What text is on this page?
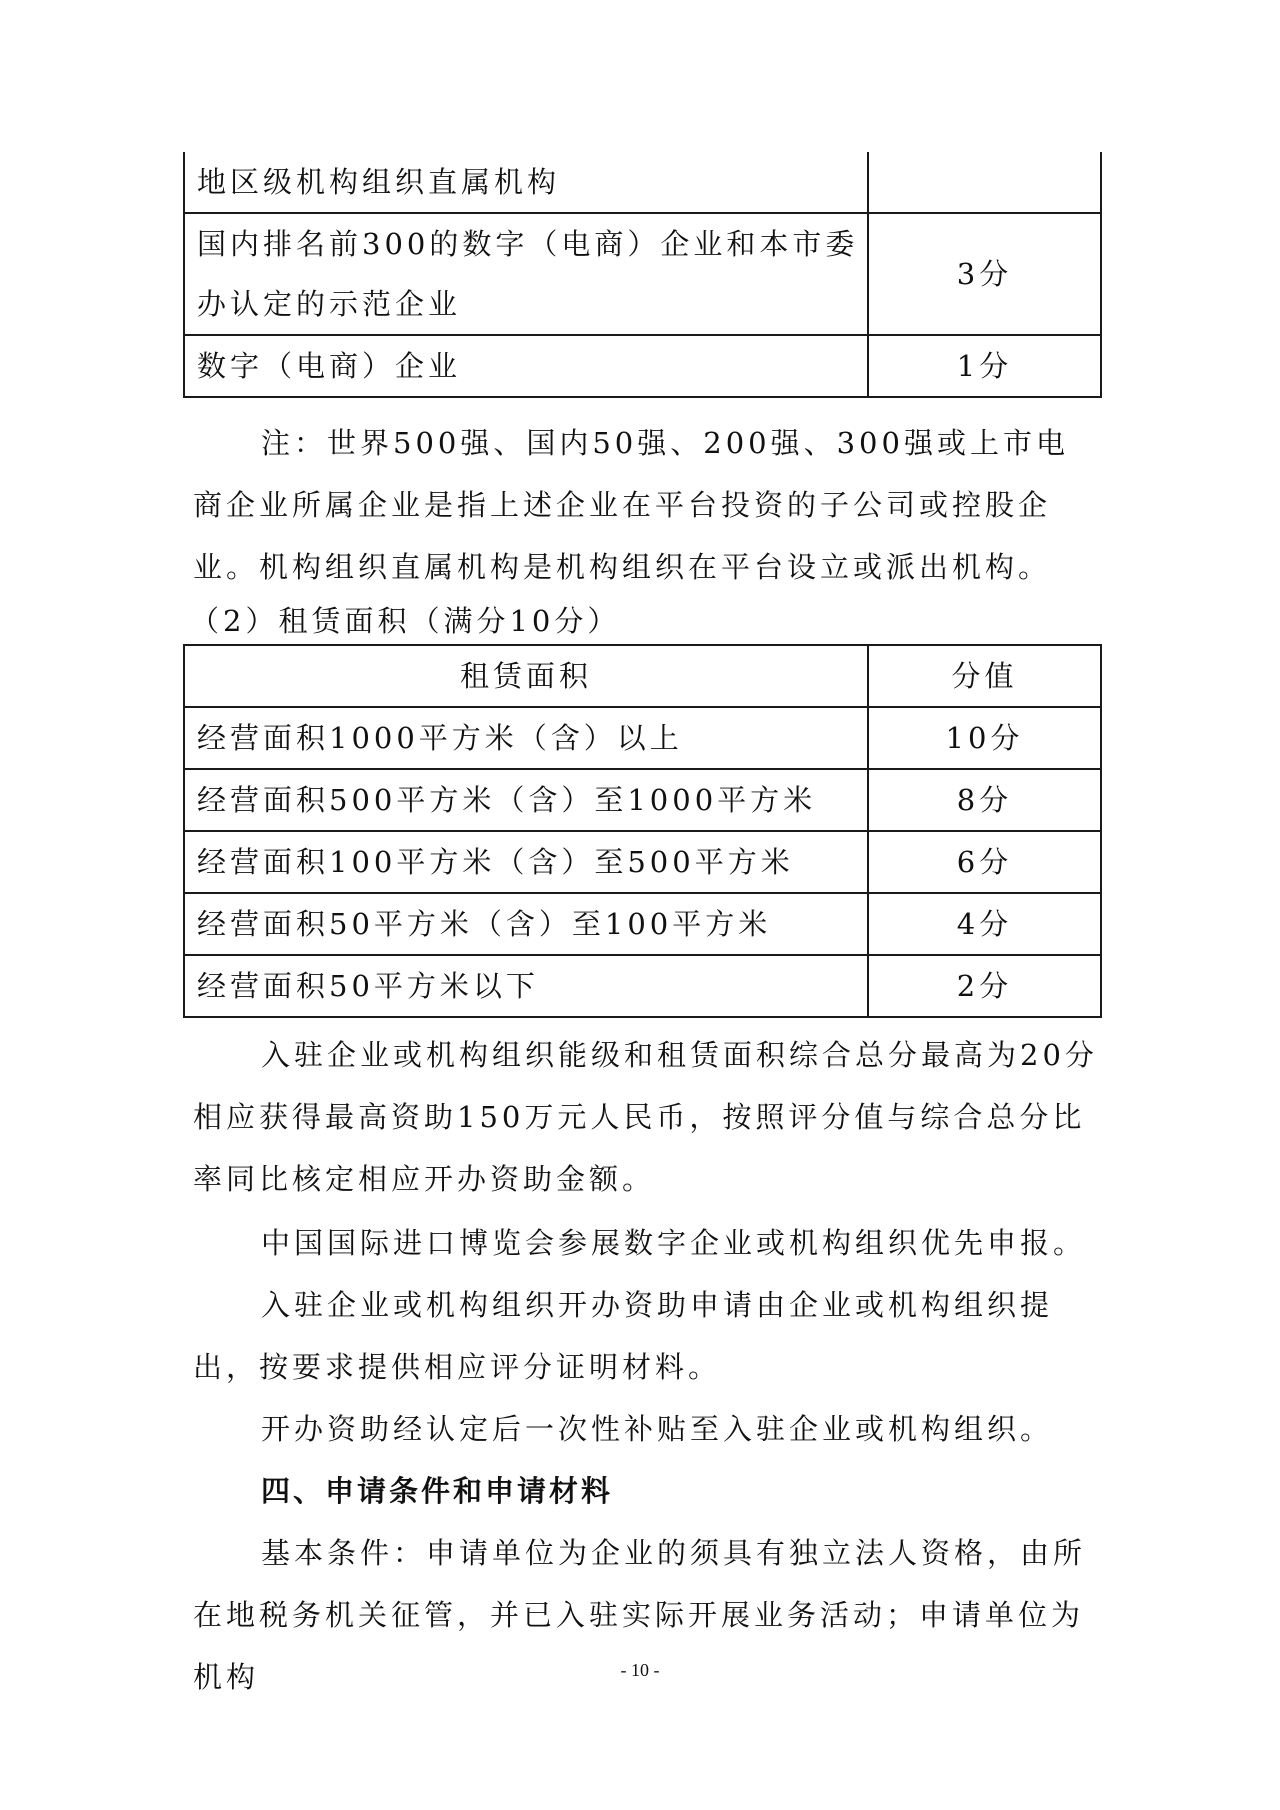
地区级机构组织直属机构	
国内排名前300的数字（电商）企业和本市委办认定的示范企业	3分
数字（电商）企业	1分

注：世界500强、国内50强、200强、300强或上市电商企业所属企业是指上述企业在平台投资的子公司或控股企业。机构组织直属机构是机构组织在平台设立或派出机构。

（2）租赁面积（满分10分）

租赁面积	分值
经营面积1000平方米（含）以上	10分
经营面积500平方米（含）至1000平方米	8分
经营面积100平方米（含）至500平方米	6分
经营面积50平方米（含）至100平方米	4分
经营面积50平方米以下	2分

入驻企业或机构组织能级和租赁面积综合总分最高为20分相应获得最高资助150万元人民币，按照评分值与综合总分比率同比核定相应开办资助金额。

中国国际进口博览会参展数字企业或机构组织优先申报。

入驻企业或机构组织开办资助申请由企业或机构组织提出，按要求提供相应评分证明材料。

开办资助经认定后一次性补贴至入驻企业或机构组织。

四、申请条件和申请材料

基本条件：申请单位为企业的须具有独立法人资格，由所在地税务机关征管，并已入驻实际开展业务活动；申请单位为机构	- 10 -
